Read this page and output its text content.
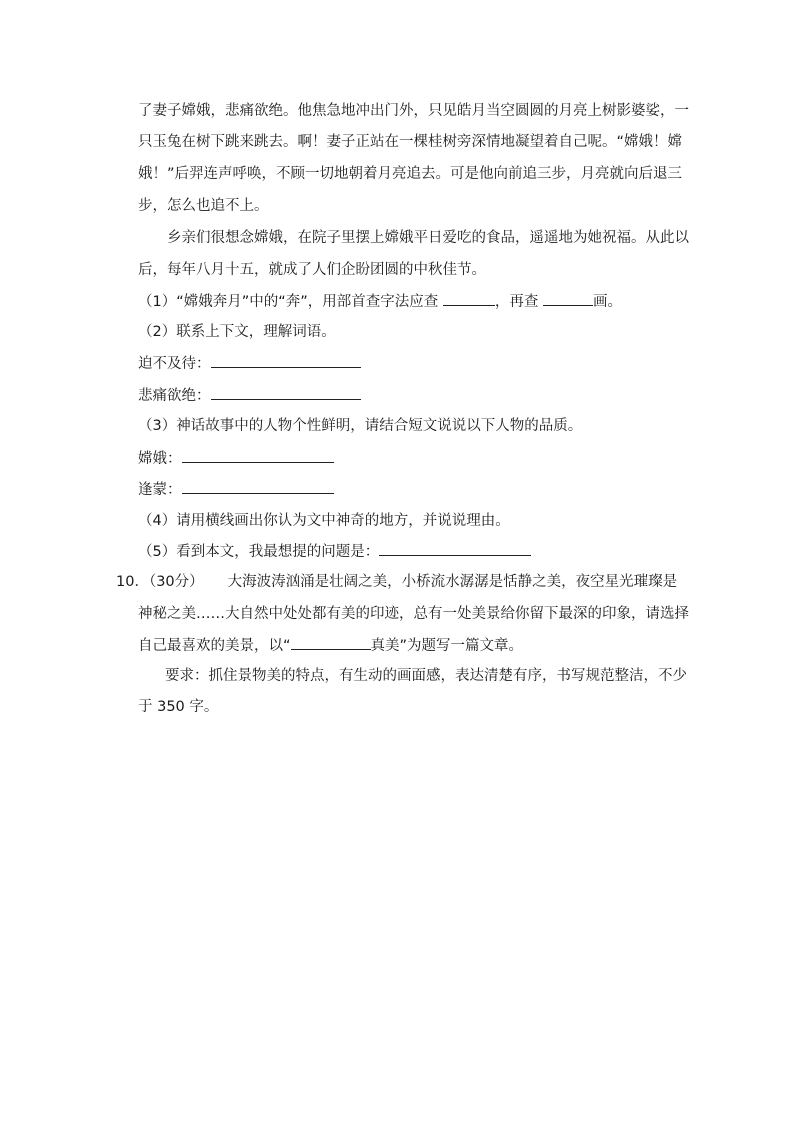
了妻子嫦娥，悲痛欲绝。他焦急地冲出门外，只见皓月当空圆圆的月亮上树影婆娑，一
只玉兔在树下跳来跳去。啊！妻子正站在一棵桂树旁深情地凝望着自己呢。“嫦娥！嫦
娥！”后羿连声呼唤，不顾一切地朝着月亮追去。可是他向前追三步，月亮就向后退三
步，怎么也追不上。
乡亲们很想念嫦娥，在院子里摆上嫦娥平日爱吃的食品，遥遥地为她祝福。从此以
后，每年八月十五，就成了人们企盼团圆的中秋佳节。
（1）“嫦娥奔月”中的“奔”，用部首查字法应查	，再查	画。
（2）联系上下文，理解词语。
迫不及待：
悲痛欲绝：
（3）神话故事中的人物个性鲜明，请结合短文说说以下人物的品质。
嫦娥：
逢蒙：
（4）请用横线画出你认为文中神奇的地方，并说说理由。
（5）看到本文，我最想提的问题是：
10．（30分） 大海波涛汹涌是壮阔之美，小桥流水潺潺是恬静之美，夜空星光璀璨是
神秘之美……大自然中处处都有美的印迹，总有一处美景给你留下最深的印象，请选择
自己最喜欢的美景，以“	真美”为题写一篇文章。
要求：抓住景物美的特点，有生动的画面感，表达清楚有序，书写规范整洁，不少
于 350 字。
